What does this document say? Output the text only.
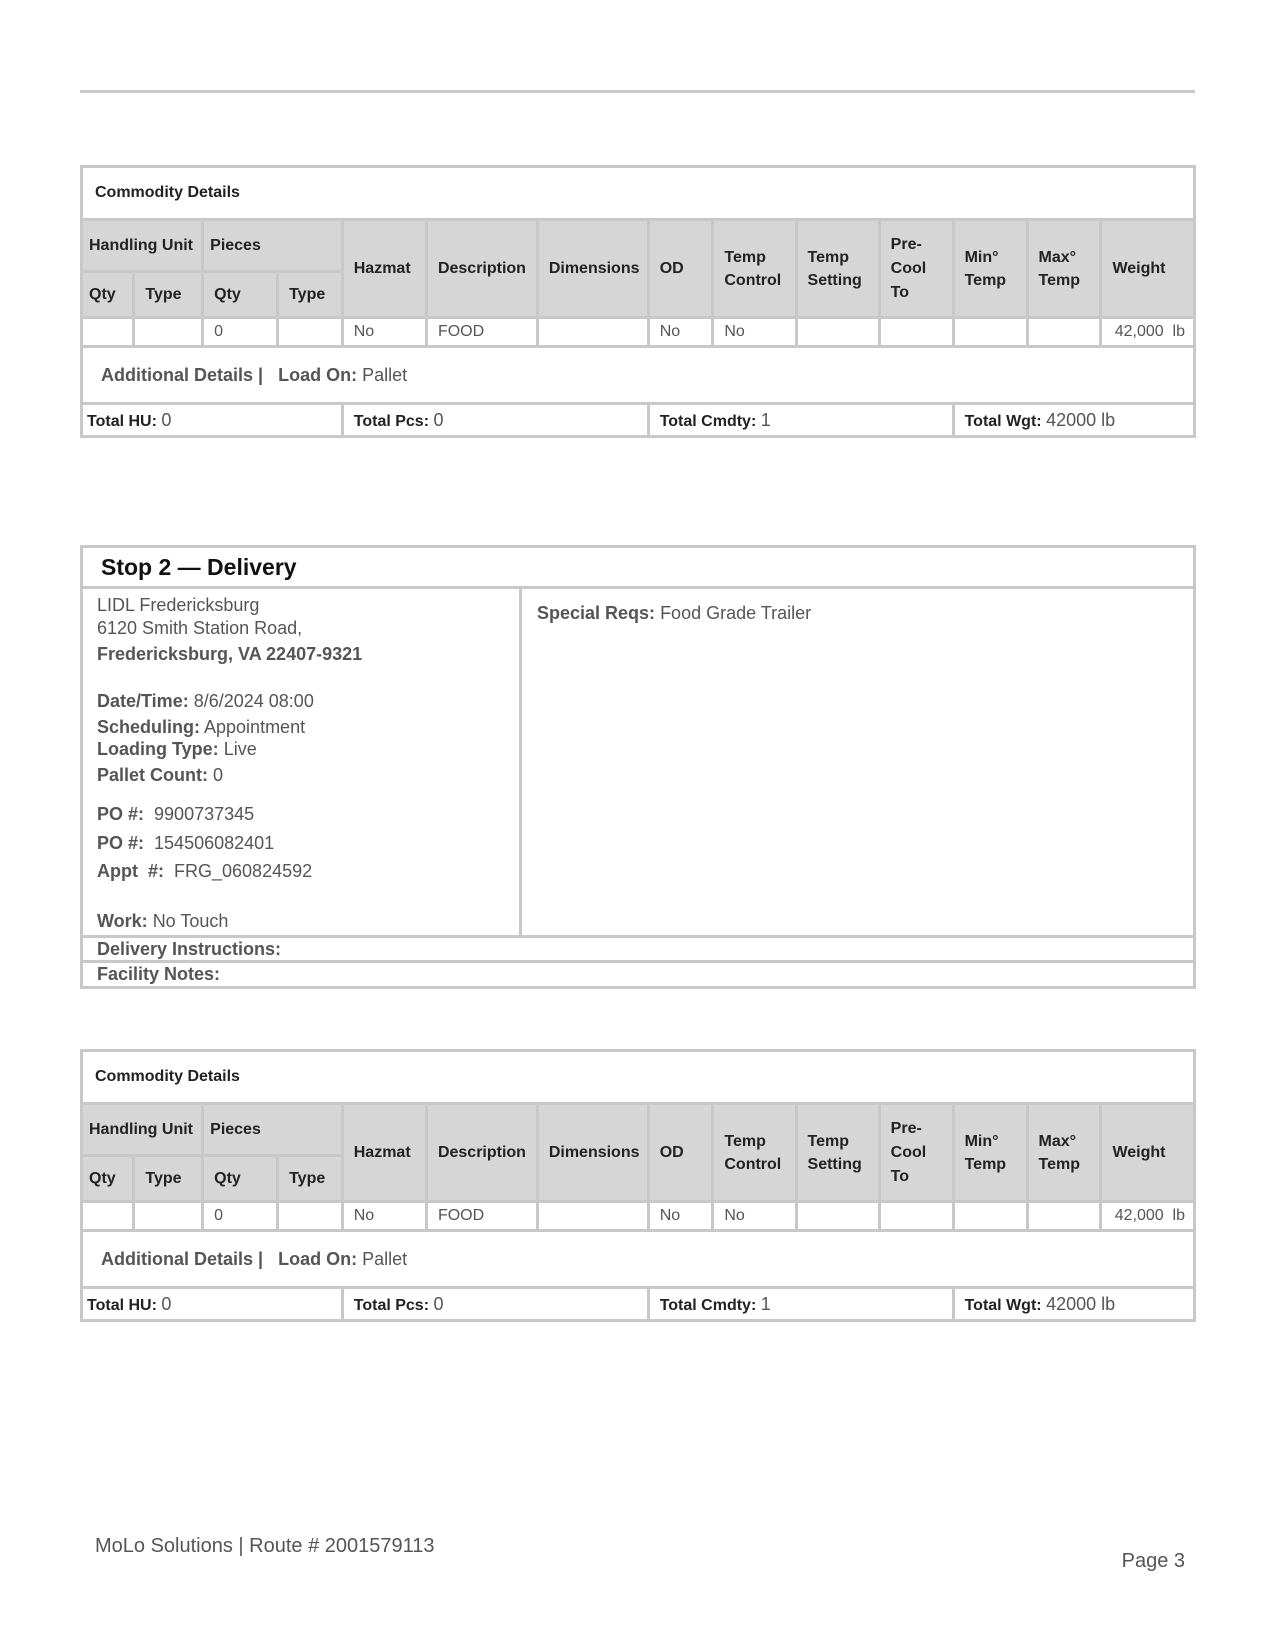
Commodity Details													
Handling Unit		Pieces		Hazmat	Description	Dimensions	OD	Temp Control	Temp Setting	Pre-Cool To	Min° Temp	Max° Temp	Weight
Qty	Type	Qty	Type										
		0		No	FOOD		No	No					42,000  lb
Additional Details | Load On: Pallet													
Total HU: 0				Total Pcs: 0			Total Cmdty: 1				Total Wgt: 42000 lb		
Stop 2 — Delivery
LIDL Fredericksburg
6120 Smith Station Road,
Fredericksburg, VA 22407-9321
Date/Time: 8/6/2024 08:00
Scheduling: Appointment
Loading Type: Live
Pallet Count: 0
PO #: 9900737345
PO #: 154506082401
Appt  #: FRG_060824592
Work: No Touch
Special Reqs: Food Grade Trailer
Delivery Instructions:
Facility Notes:
Commodity Details													
Handling Unit		Pieces		Hazmat	Description	Dimensions	OD	Temp Control	Temp Setting	Pre-Cool To	Min° Temp	Max° Temp	Weight
Qty	Type	Qty	Type										
		0		No	FOOD		No	No					42,000  lb
Additional Details | Load On: Pallet													
Total HU: 0				Total Pcs: 0			Total Cmdty: 1				Total Wgt: 42000 lb		
MoLo Solutions | Route # 2001579113
Page 3
